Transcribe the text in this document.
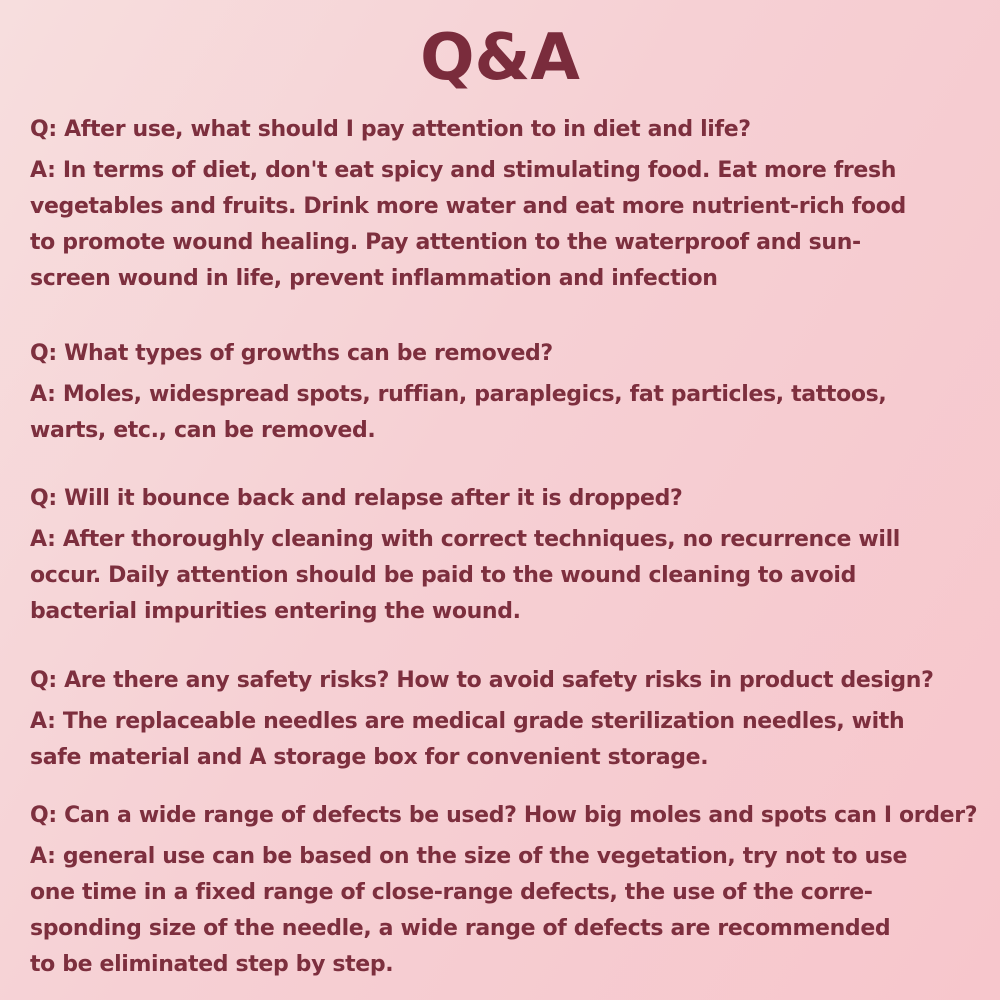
Q&A
Q: After use, what should I pay attention to in diet and life?
A: In terms of diet, don't eat spicy and stimulating food. Eat more fresh
vegetables and fruits. Drink more water and eat more nutrient-rich food
to promote wound healing. Pay attention to the waterproof and sun-
screen wound in life, prevent inflammation and infection
Q: What types of growths can be removed?
A: Moles, widespread spots, ruffian, paraplegics, fat particles, tattoos,
warts, etc., can be removed.
Q: Will it bounce back and relapse after it is dropped?
A: After thoroughly cleaning with correct techniques, no recurrence will
occur. Daily attention should be paid to the wound cleaning to avoid
bacterial impurities entering the wound.
Q: Are there any safety risks? How to avoid safety risks in product design?
A: The replaceable needles are medical grade sterilization needles, with
safe material and A storage box for convenient storage.
Q: Can a wide range of defects be used? How big moles and spots can I order?
A: general use can be based on the size of the vegetation, try not to use
one time in a fixed range of close-range defects, the use of the corre-
sponding size of the needle, a wide range of defects are recommended
to be eliminated step by step.
